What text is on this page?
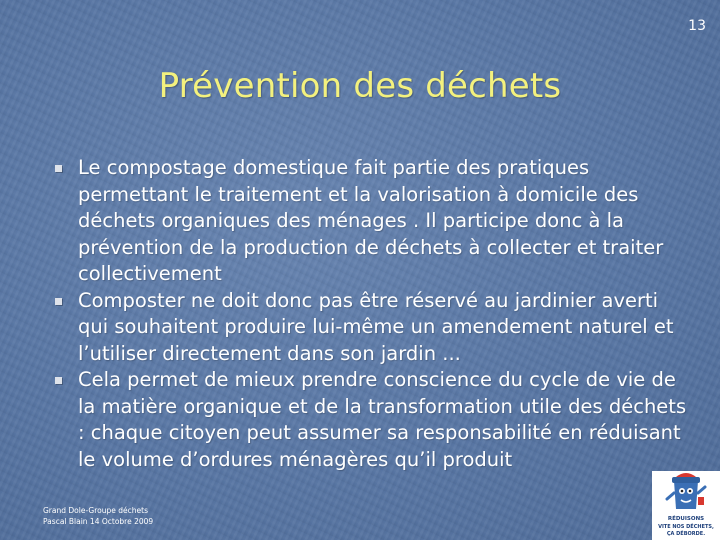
13
Prévention des déchets
Le compostage domestique fait partie des pratiques permettant le traitement et la valorisation à domicile des déchets organiques des ménages . Il participe donc à la prévention de la production de déchets à collecter et traiter collectivement
Composter ne doit donc pas être réservé au jardinier averti qui souhaitent produire lui-même un amendement naturel et l’utiliser directement dans son jardin ...
Cela permet de mieux prendre conscience du cycle de vie de la matière organique et de la transformation utile des déchets : chaque citoyen peut assumer sa responsabilité en réduisant le volume d’ordures ménagères qu’il produit
Grand Dole-Groupe déchets
Pascal Blain 14 Octobre 2009	RÉDUISONS
VITE NOS DÉCHETS,
ÇA DÉBORDE.
